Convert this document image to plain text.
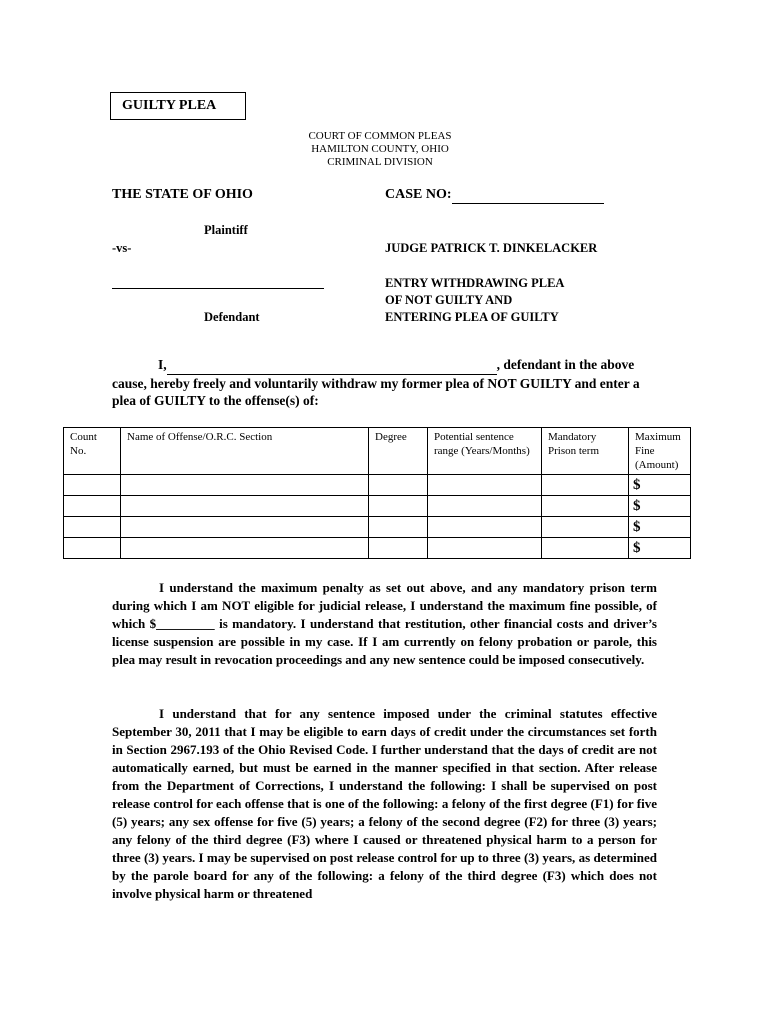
GUILTY PLEA
COURT OF COMMON PLEAS
HAMILTON COUNTY, OHIO
CRIMINAL DIVISION
THE STATE OF OHIO	CASE NO:
Plaintiff
-vs-	JUDGE PATRICK T. DINKELACKER
Defendant
ENTRY WITHDRAWING PLEA
OF NOT GUILTY AND
ENTERING PLEA OF GUILTY
I,	, defendant in the above
cause, hereby freely and voluntarily withdraw my former plea of NOT GUILTY and enter a plea of GUILTY to the offense(s) of:
Count No.	Name of Offense/O.R.C. Section	Degree	Potential sentence range (Years/Months)	Mandatory Prison term	Maximum Fine (Amount)
					$
					$
					$
					$

I understand the maximum penalty as set out above, and any mandatory prison term during which I am NOT eligible for judicial release, I understand the maximum fine possible, of which $_________ is mandatory. I understand that restitution, other financial costs and driver’s license suspension are possible in my case. If I am currently on felony probation or parole, this plea may result in revocation proceedings and any new sentence could be imposed consecutively.

I understand that for any sentence imposed under the criminal statutes effective September 30, 2011 that I may be eligible to earn days of credit under the circumstances set forth in Section 2967.193 of the Ohio Revised Code. I further understand that the days of credit are not automatically earned, but must be earned in the manner specified in that section. After release from the Department of Corrections, I understand the following: I shall be supervised on post release control for each offense that is one of the following: a felony of the first degree (F1) for five (5) years; any sex offense for five (5) years; a felony of the second degree (F2) for three (3) years; any felony of the third degree (F3) where I caused or threatened physical harm to a person for three (3) years. I may be supervised on post release control for up to three (3) years, as determined by the parole board for any of the following: a felony of the third degree (F3) which does not involve physical harm or threatened
